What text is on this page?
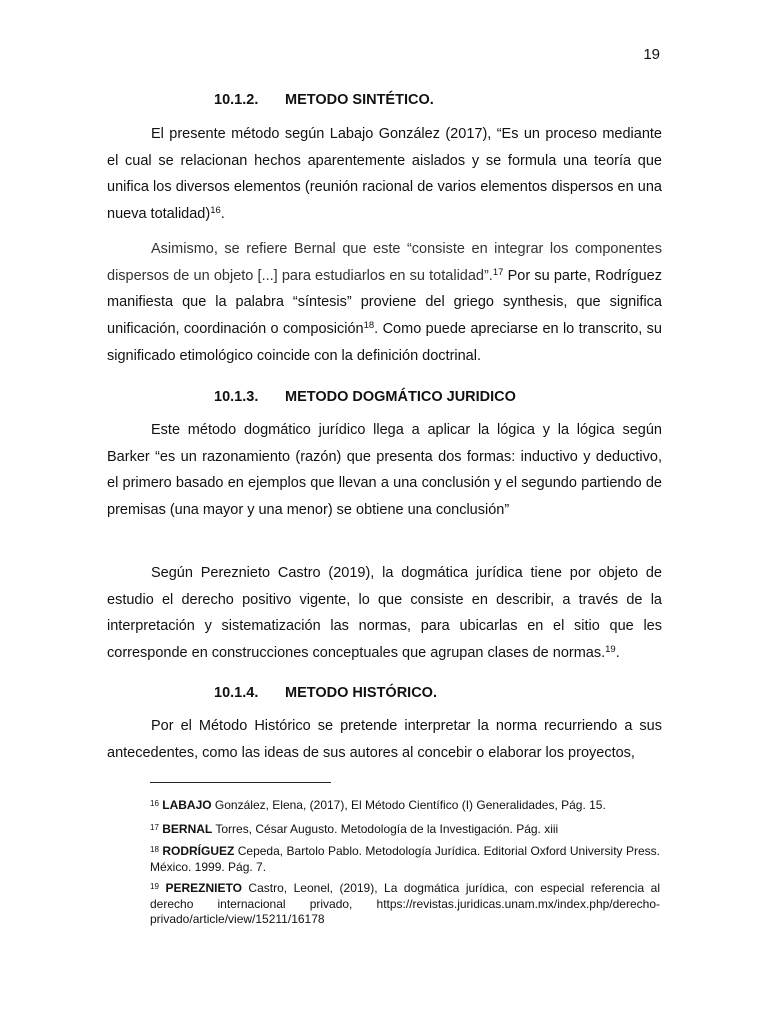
19
10.1.2. METODO SINTÉTICO.
El presente método según Labajo González (2017), “Es un proceso mediante el cual se relacionan hechos aparentemente aislados y se formula una teoría que unifica los diversos elementos (reunión racional de varios elementos dispersos en una nueva totalidad)$^{16}$.
Asimismo, se refiere Bernal que este “consiste en integrar los componentes dispersos de un objeto [...] para estudiarlos en su totalidad”.$^{17}$ Por su parte, Rodríguez manifiesta que la palabra “síntesis” proviene del griego synthesis, que significa unificación, coordinación o composición$^{18}$. Como puede apreciarse en lo transcrito, su significado etimológico coincide con la definición doctrinal.
10.1.3. METODO DOGMÁTICO JURIDICO
Este método dogmático jurídico llega a aplicar la lógica y la lógica según Barker “es un razonamiento (razón) que presenta dos formas: inductivo y deductivo, el primero basado en ejemplos que llevan a una conclusión y el segundo partiendo de premisas (una mayor y una menor) se obtiene una conclusión”
Según Pereznieto Castro (2019), la dogmática jurídica tiene por objeto de estudio el derecho positivo vigente, lo que consiste en describir, a través de la interpretación y sistematización las normas, para ubicarlas en el sitio que les corresponde en construcciones conceptuales que agrupan clases de normas.$^{19}$.
10.1.4. METODO HISTÓRICO.
Por el Método Histórico se pretende interpretar la norma recurriendo a sus antecedentes, como las ideas de sus autores al concebir o elaborar los proyectos,
$^{16}$ LABAJO González, Elena, (2017), El Método Científico (I) Generalidades, Pág. 15.
$^{17}$ BERNAL Torres, César Augusto. Metodología de la Investigación. Pág. xiii
$^{18}$ RODRÍGUEZ Cepeda, Bartolo Pablo. Metodología Jurídica. Editorial Oxford University Press. México. 1999. Pág. 7.
$^{19}$ PEREZNIETO Castro, Leonel, (2019), La dogmática jurídica, con especial referencia al derecho internacional privado, https://revistas.juridicas.unam.mx/index.php/derecho-privado/article/view/15211/16178
